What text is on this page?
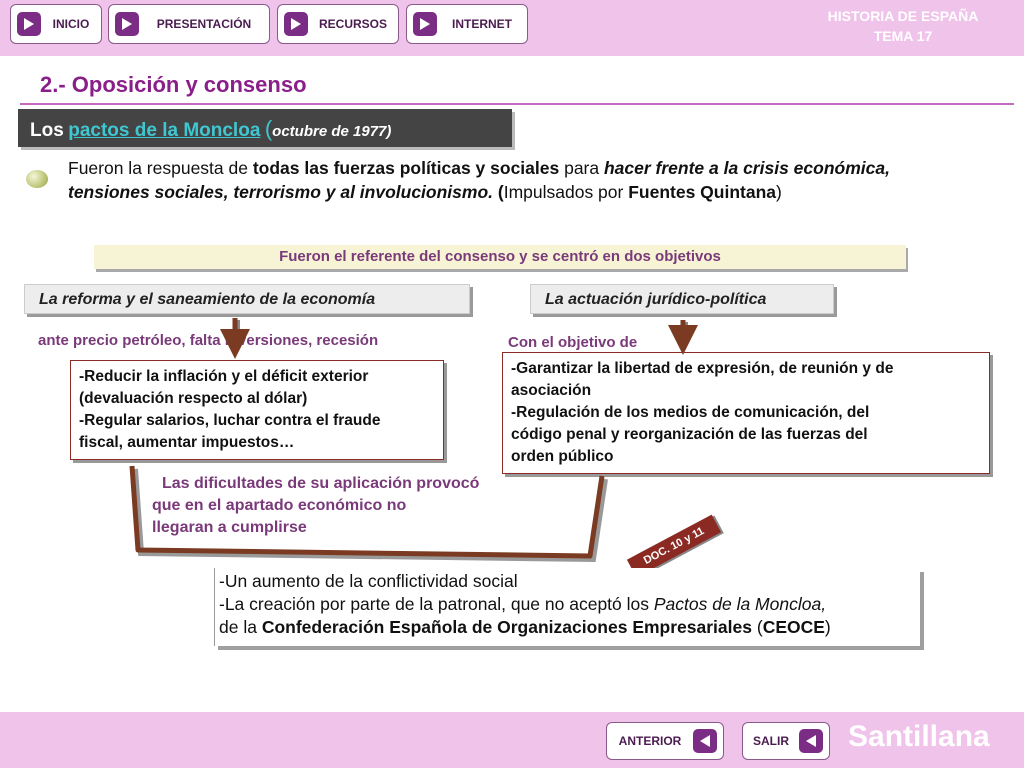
INICIO	PRESENTACIÓN	RECURSOS	INTERNET	HISTORIA DE ESPAÑA
TEMA 17
2.- Oposición y consenso
Los pactos de la Moncloa (octubre de 1977)
Fueron la respuesta de todas las fuerzas políticas y sociales para hacer frente a la crisis económica, tensiones sociales, terrorismo y al involucionismo. (Impulsados por Fuentes Quintana)
Fueron el referente del consenso y se centró en dos objetivos
La reforma y el saneamiento de la economía
ante precio petróleo, falta inversiones, recesión
-Reducir la inflación y el déficit exterior
(devaluación respecto al dólar)
-Regular salarios, luchar contra el fraude
fiscal, aumentar impuestos…
La actuación jurídico-política
Con el objetivo de
-Garantizar la libertad de expresión, de reunión y de
asociación
-Regulación de los medios de comunicación, del
código penal y reorganización de las fuerzas del
orden público
Las dificultades de su aplicación provocó
que en el apartado económico no
llegaran a cumplirse	DOC. 10 y 11
-Un aumento de la conflictividad social
-La creación por parte de la patronal, que no aceptó los Pactos de la Moncloa,
de la Confederación Española de Organizaciones Empresariales (CEOCE)
ANTERIOR	SALIR	Santillana
